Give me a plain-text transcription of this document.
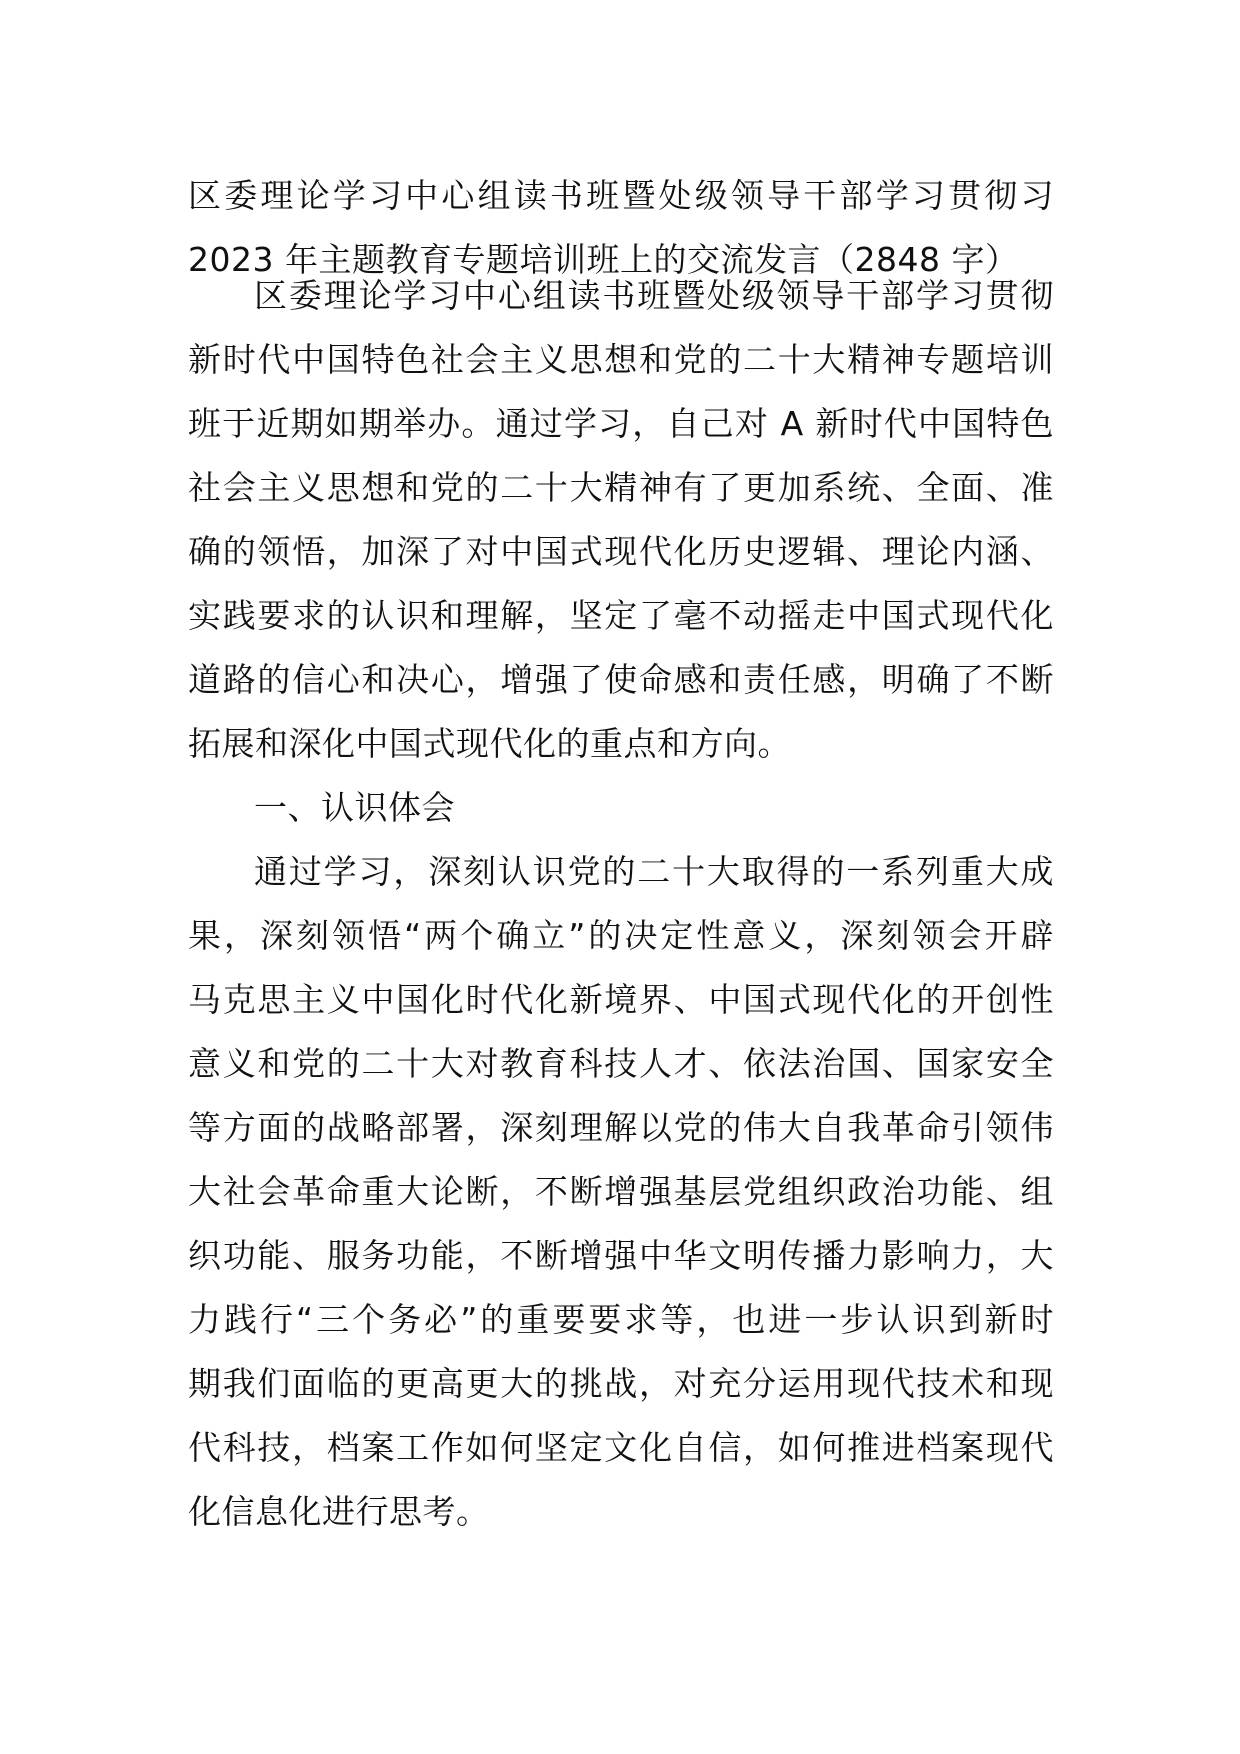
区委理论学习中心组读书班暨处级领导干部学习贯彻习
2023 年主题教育专题培训班上的交流发言（2848 字）
区委理论学习中心组读书班暨处级领导干部学习贯彻
新时代中国特色社会主义思想和党的二十大精神专题培训
班于近期如期举办。通过学习，自己对 A 新时代中国特色
社会主义思想和党的二十大精神有了更加系统、全面、准
确的领悟，加深了对中国式现代化历史逻辑、理论内涵、
实践要求的认识和理解，坚定了毫不动摇走中国式现代化
道路的信心和决心，增强了使命感和责任感，明确了不断
拓展和深化中国式现代化的重点和方向。
一、认识体会
通过学习，深刻认识党的二十大取得的一系列重大成
果，深刻领悟“两个确立”的决定性意义，深刻领会开辟
马克思主义中国化时代化新境界、中国式现代化的开创性
意义和党的二十大对教育科技人才、依法治国、国家安全
等方面的战略部署，深刻理解以党的伟大自我革命引领伟
大社会革命重大论断，不断增强基层党组织政治功能、组
织功能、服务功能，不断增强中华文明传播力影响力，大
力践行“三个务必”的重要要求等，也进一步认识到新时
期我们面临的更高更大的挑战，对充分运用现代技术和现
代科技，档案工作如何坚定文化自信，如何推进档案现代
化信息化进行思考。
